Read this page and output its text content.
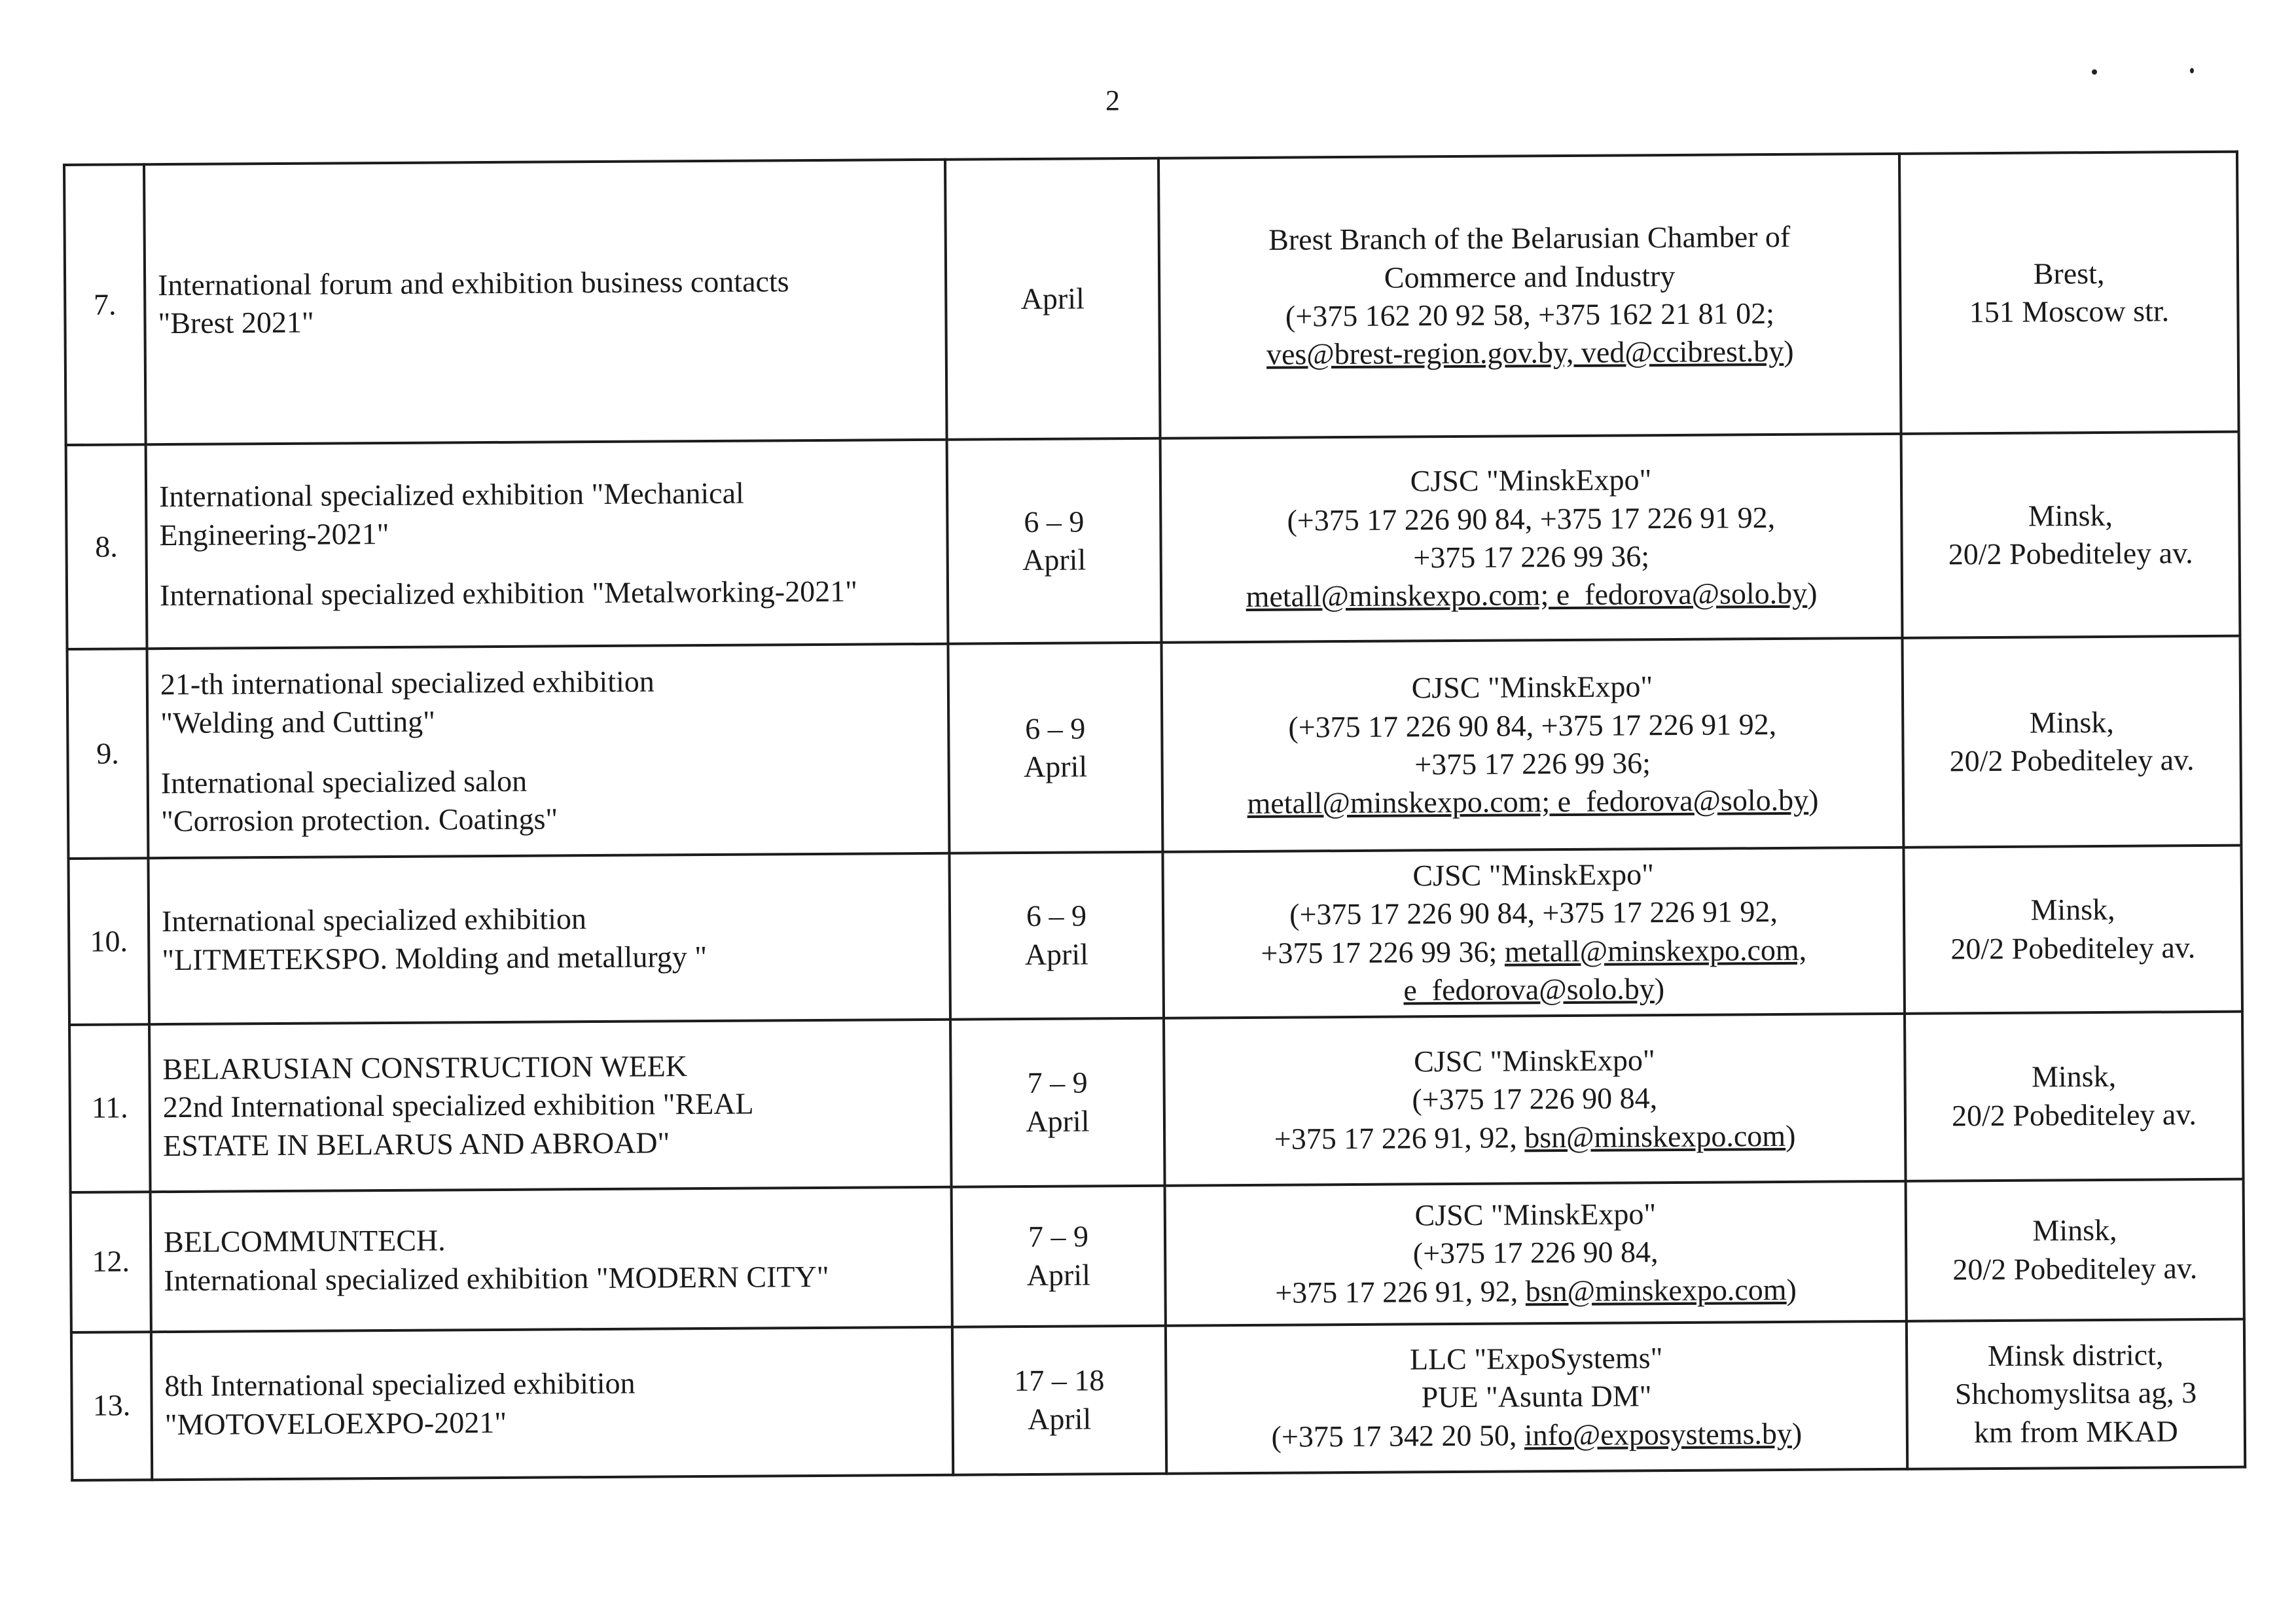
2
7.	International forum and exhibition business contacts
"Brest 2021"	April	Brest Branch of the Belarusian Chamber of
Commerce and Industry
(+375 162 20 92 58, +375 162 21 81 02;
ves@brest-region.gov.by, ved@ccibrest.by)	Brest,
151 Moscow str.

8.	International specialized exhibition "Mechanical
Engineering-2021"
International specialized exhibition "Metalworking-2021"	6 – 9
April	CJSC "MinskExpo"
(+375 17 226 90 84, +375 17 226 91 92,
+375 17 226 99 36;
metall@minskexpo.com; e_fedorova@solo.by)	Minsk,
20/2 Pobediteley av.

9.	21-th international specialized exhibition
"Welding and Cutting"
International specialized salon
"Corrosion protection. Coatings"	6 – 9
April	CJSC "MinskExpo"
(+375 17 226 90 84, +375 17 226 91 92,
+375 17 226 99 36;
metall@minskexpo.com; e_fedorova@solo.by)	Minsk,
20/2 Pobediteley av.

10.	International specialized exhibition
"LITMETEKSPO. Molding and metallurgy "	6 – 9
April	CJSC "MinskExpo"
(+375 17 226 90 84, +375 17 226 91 92,
+375 17 226 99 36; metall@minskexpo.com,
e_fedorova@solo.by)	Minsk,
20/2 Pobediteley av.

11.	BELARUSIAN CONSTRUCTION WEEK
22nd International specialized exhibition "REAL
ESTATE IN BELARUS AND ABROAD"	7 – 9
April	CJSC "MinskExpo"
(+375 17 226 90 84,
+375 17 226 91, 92, bsn@minskexpo.com)	Minsk,
20/2 Pobediteley av.

12.	BELCOMMUNTECH.
International specialized exhibition "MODERN CITY"	7 – 9
April	CJSC "MinskExpo"
(+375 17 226 90 84,
+375 17 226 91, 92, bsn@minskexpo.com)	Minsk,
20/2 Pobediteley av.

13.	8th International specialized exhibition
"MOTOVELOEXPO-2021"	17 – 18
April	LLC "ExpoSystems"
PUE "Asunta DM"
(+375 17 342 20 50, info@exposystems.by)	Minsk district,
Shchomyslitsa ag, 3
km from MKAD
